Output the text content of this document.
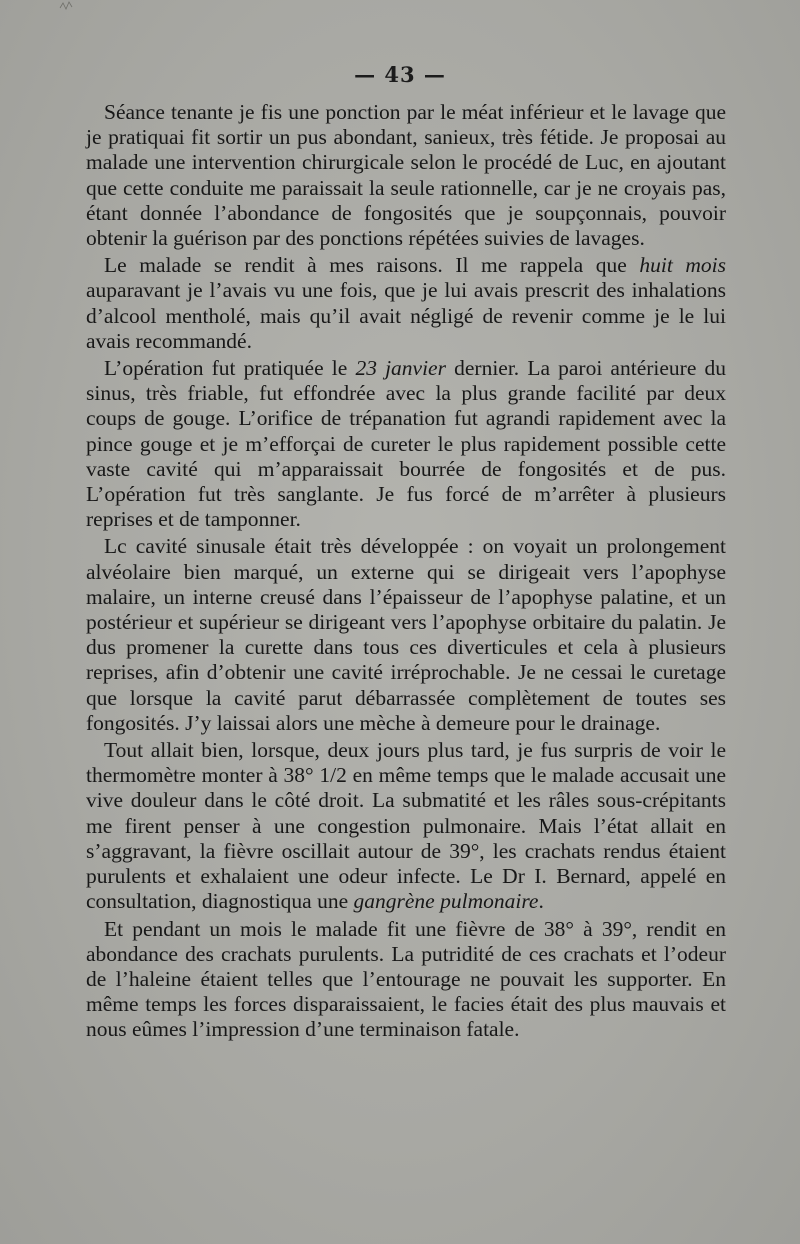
— 43 —

Séance tenante je fis une ponction par le méat inférieur et le lavage que je pratiquai fit sortir un pus abondant, sanieux, très fétide. Je proposai au malade une intervention chirurgicale selon le procédé de Luc, en ajoutant que cette conduite me paraissait la seule rationnelle, car je ne croyais pas, étant donnée l’abondance de fongosités que je soupçonnais, pouvoir obtenir la guérison par des ponctions répétées suivies de lavages.

Le malade se rendit à mes raisons. Il me rappela que huit mois auparavant je l’avais vu une fois, que je lui avais prescrit des inhalations d’alcool mentholé, mais qu’il avait négligé de revenir comme je le lui avais recommandé.

L’opération fut pratiquée le 23 janvier dernier. La paroi antérieure du sinus, très friable, fut effondrée avec la plus grande facilité par deux coups de gouge. L’orifice de trépanation fut agrandi rapidement avec la pince gouge et je m’efforçai de cureter le plus rapidement possible cette vaste cavité qui m’apparaissait bourrée de fongosités et de pus. L’opération fut très sanglante. Je fus forcé de m’arrêter à plusieurs reprises et de tamponner.

Lc cavité sinusale était très développée : on voyait un prolongement alvéolaire bien marqué, un externe qui se dirigeait vers l’apophyse malaire, un interne creusé dans l’épaisseur de l’apophyse palatine, et un postérieur et supérieur se dirigeant vers l’apophyse orbitaire du palatin. Je dus promener la curette dans tous ces diverticules et cela à plusieurs reprises, afin d’obtenir une cavité irréprochable. Je ne cessai le curetage que lorsque la cavité parut débarrassée complètement de toutes ses fongosités. J’y laissai alors une mèche à demeure pour le drainage.

Tout allait bien, lorsque, deux jours plus tard, je fus surpris de voir le thermomètre monter à 38° 1/2 en même temps que le malade accusait une vive douleur dans le côté droit. La submatité et les râles sous-crépitants me firent penser à une congestion pulmonaire. Mais l’état allait en s’aggravant, la fièvre oscillait autour de 39°, les crachats rendus étaient purulents et exhalaient une odeur infecte. Le Dr I. Bernard, appelé en consultation, diagnostiqua une gangrène pulmonaire.

Et pendant un mois le malade fit une fièvre de 38° à 39°, rendit en abondance des crachats purulents. La putridité de ces crachats et l’odeur de l’haleine étaient telles que l’entourage ne pouvait les supporter. En même temps les forces disparaissaient, le facies était des plus mauvais et nous eûmes l’impression d’une terminaison fatale.
